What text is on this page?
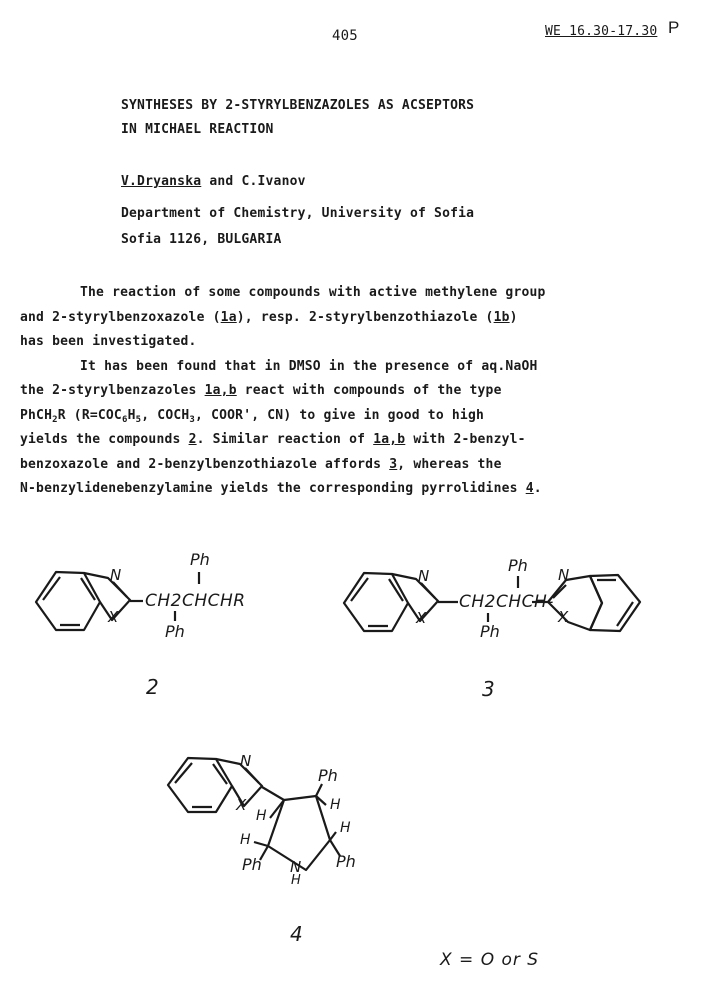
405	WE 16.30-17.30 P
SYNTHESES BY 2-STYRYLBENZAZOLES AS ACSEPTORS
IN MICHAEL REACTION
V.Dryanska and C.Ivanov
Department of Chemistry, University of Sofia
Sofia 1126, BULGARIA
The reaction of some compounds with active methylene group
and 2-styrylbenzoxazole (1a), resp. 2-styrylbenzothiazole (1b)
has been investigated.
It has been found that in DMSO in the presence of aq.NaOH
the 2-styrylbenzazoles 1a,b react with compounds of the type
PhCH$_2$R ($R=COC_6H_5$, $COCH_3$, COOR', CN) to give in good to high
yields the compounds 2. Similar reaction of 1a,b with 2-benzyl-
benzoxazole and 2-benzylbenzothiazole affords 3, whereas the
N-benzylidenebenzylamine yields the corresponding pyrrolidines 4.
N
X
CH2CHCHR
Ph
Ph
2
N
X
CH2CHCH-
Ph
Ph
N
X
3
N
X
H
Ph
H
H
H
Ph N
H
Ph
4
X = O or S
